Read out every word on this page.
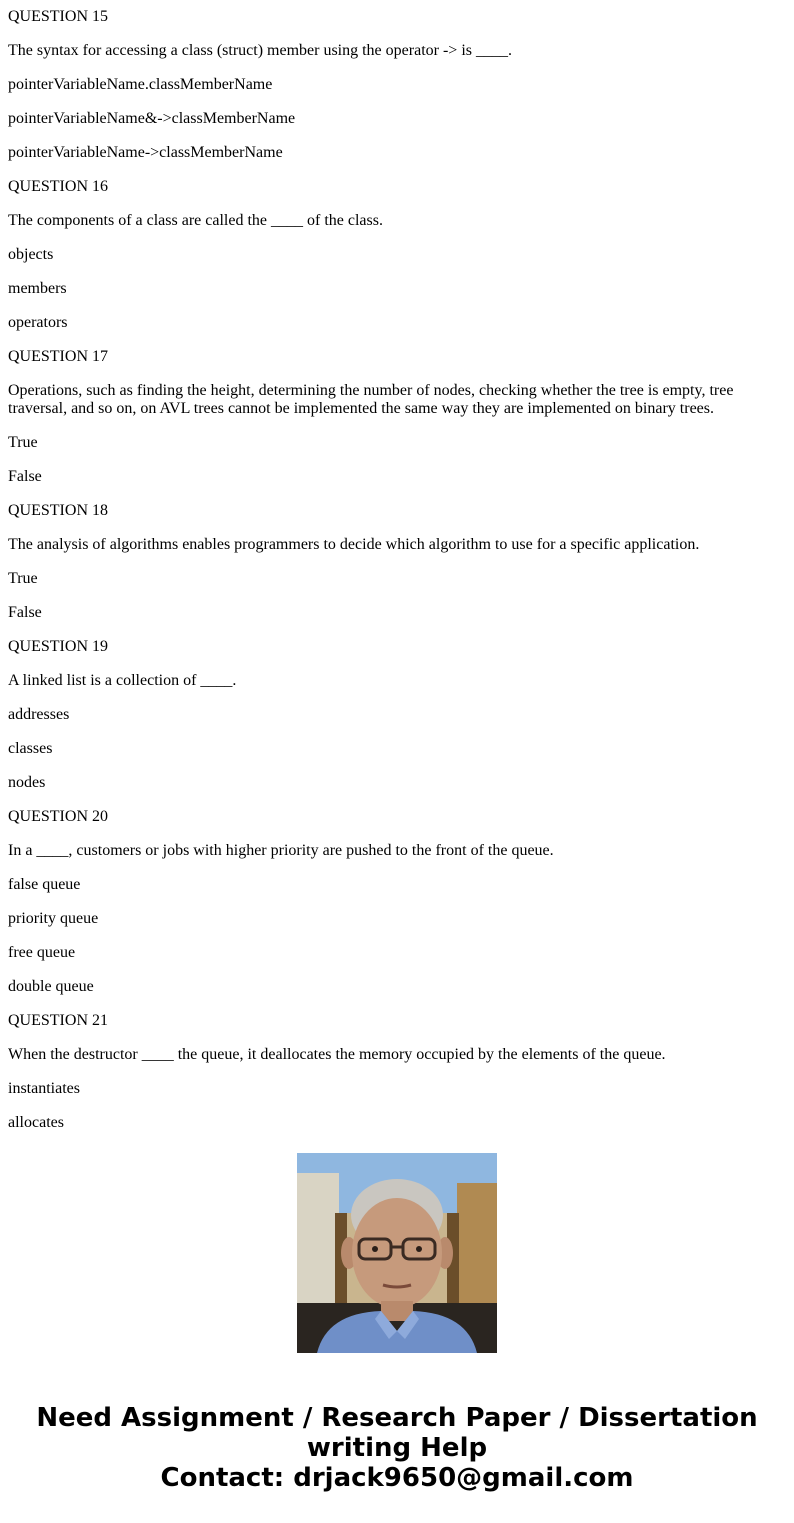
QUESTION 15

The syntax for accessing a class (struct) member using the operator -> is ____.

pointerVariableName.classMemberName

pointerVariableName&->classMemberName

pointerVariableName->classMemberName

QUESTION 16

The components of a class are called the ____ of the class.

objects

members

operators

QUESTION 17

Operations, such as finding the height, determining the number of nodes, checking whether the tree is empty, tree traversal, and so on, on AVL trees cannot be implemented the same way they are implemented on binary trees.

True

False

QUESTION 18

The analysis of algorithms enables programmers to decide which algorithm to use for a specific application.

True

False

QUESTION 19

A linked list is a collection of ____.

addresses

classes

nodes

QUESTION 20

In a ____, customers or jobs with higher priority are pushed to the front of the queue.

false queue

priority queue

free queue

double queue

QUESTION 21

When the destructor ____ the queue, it deallocates the memory occupied by the elements of the queue.

instantiates

allocates

Need Assignment / Research Paper / Dissertation
writing Help
Contact: drjack9650@gmail.com
